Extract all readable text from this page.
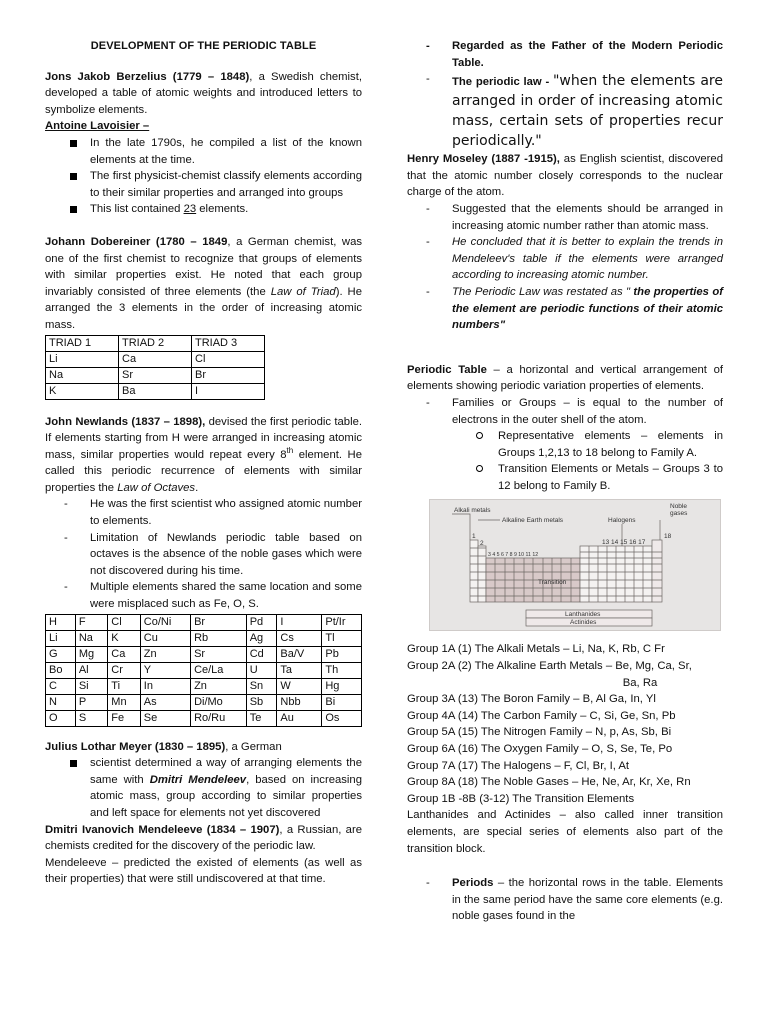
DEVELOPMENT OF THE PERIODIC TABLE

Jons Jakob Berzelius (1779 – 1848), a Swedish chemist, developed a table of atomic weights and introduced letters to symbolize elements.

Antoine Lavoisier –

In the late 1790s, he compiled a list of the known elements at the time.
The first physicist-chemist classify elements according to their similar properties and arranged into groups
This list contained 23 elements.

Johann Dobereiner (1780 – 1849, a German chemist, was one of the first chemist to recognize that groups of elements with similar properties exist. He noted that each group invariably consisted of three elements (the Law of Triad). He arranged the 3 elements in the order of increasing atomic mass.

TRIAD 1	TRIAD 2	TRIAD 3
Li	Ca	Cl
Na	Sr	Br
K	Ba	I

John Newlands (1837 – 1898), devised the first periodic table. If elements starting from H were arranged in increasing atomic mass, similar properties would repeat every 8th element. He called this periodic recurrence of elements with similar properties the Law of Octaves.

- He was the first scientist who assigned atomic number to elements.
- Limitation of Newlands periodic table based on octaves is the absence of the noble gases which were not discovered during his time.
- Multiple elements shared the same location and some were misplaced such as Fe, O, S.
H	F	Cl	Co/Ni	Br	Pd	I	Pt/Ir
Li	Na	K	Cu	Rb	Ag	Cs	Tl
G	Mg	Ca	Zn	Sr	Cd	Ba/V	Pb
Bo	Al	Cr	Y	Ce/La	U	Ta	Th
C	Si	Ti	In	Zn	Sn	W	Hg
N	P	Mn	As	Di/Mo	Sb	Nbb	Bi
O	S	Fe	Se	Ro/Ru	Te	Au	Os

Julius Lothar Meyer (1830 – 1895), a German

scientist determined a way of arranging elements the same with Dmitri Mendeleev, based on increasing atomic mass, group according to similar properties and left space for elements not yet discovered

Dmitri Ivanovich Mendeleeve (1834 – 1907), a Russian, are chemists credited for the discovery of the periodic law.

Mendeleeve – predicted the existed of elements (as well as their properties) that were still undiscovered at that time.

- Regarded as the Father of the Modern Periodic Table.
- The periodic law - "when the elements are arranged in order of increasing atomic mass, certain sets of properties recur periodically."

Henry Moseley (1887 -1915), as English scientist, discovered that the atomic number closely corresponds to the nuclear charge of the atom.

- Suggested that the elements should be arranged in increasing atomic number rather than atomic mass.
- He concluded that it is better to explain the trends in Mendeleev's table if the elements were arranged according to increasing atomic number.
- The Periodic Law was restated as " the properties of the element are periodic functions of their atomic numbers"

Periodic Table – a horizontal and vertical arrangement of elements showing periodic variation properties of elements.

- Families or Groups – is equal to the number of electrons in the outer shell of the atom.
Representative elements – elements in Groups 1,2,13 to 18 belong to Family A.
Transition Elements or Metals – Groups 3 to 12 belong to Family B.
Alkali metals
Alkaline Earth metals	Halogens
Noble
gases
1
2
18
13 14 15 16 17
3 4 5 6 7 8 9 10 11 12
Transition
Lanthanides
Actinides

Group 1A (1) The Alkali Metals – Li, Na, K, Rb, C Fr

Group 2A (2) The Alkaline Earth Metals – Be, Mg, Ca, Sr,

Ba, Ra

Group 3A (13) The Boron Family – B, Al Ga, In, Yl

Group 4A (14) The Carbon Family – C, Si, Ge, Sn, Pb

Group 5A (15) The Nitrogen Family – N, p, As, Sb, Bi

Group 6A (16) The Oxygen Family – O, S, Se, Te, Po

Group 7A (17) The Halogens – F, Cl, Br, I, At

Group 8A (18) The Noble Gases – He, Ne, Ar, Kr, Xe, Rn

Group 1B -8B (3-12) The Transition Elements

Lanthanides and Actinides – also called inner transition elements, are special series of elements also part of the transition block.

- Periods – the horizontal rows in the table. Elements in the same period have the same core elements (e.g. noble gases found in the
